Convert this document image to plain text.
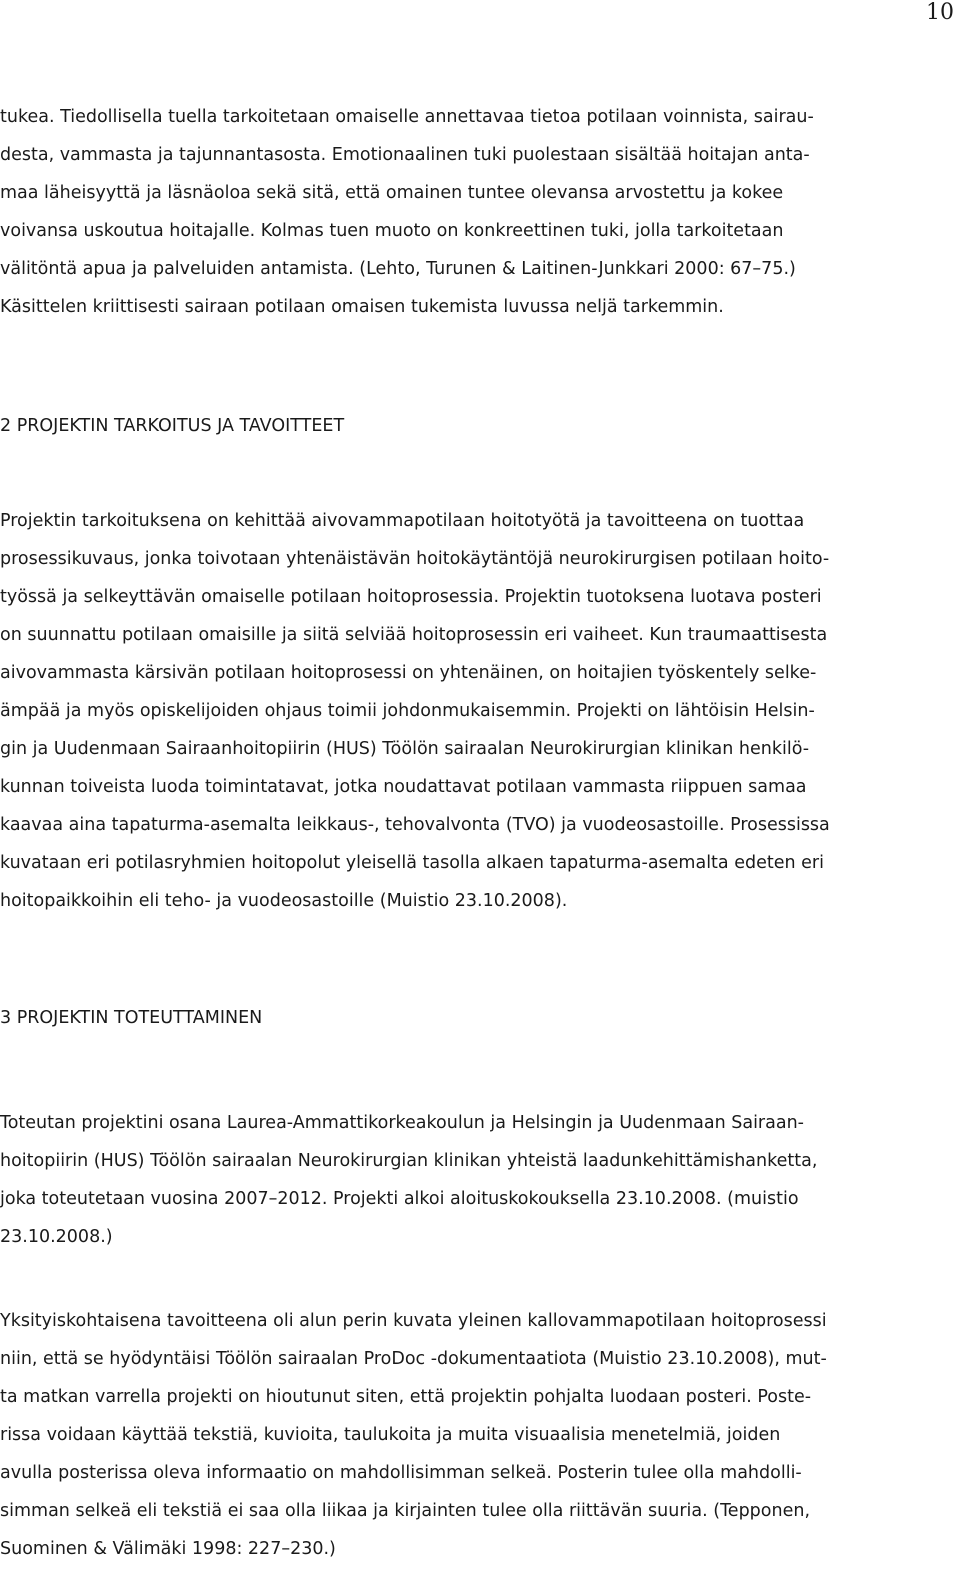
10
tukea. Tiedollisella tuella tarkoitetaan omaiselle annettavaa tietoa potilaan voinnista, sairau-
desta, vammasta ja tajunnantasosta. Emotionaalinen tuki puolestaan sisältää hoitajan anta-
maa läheisyyttä ja läsnäoloa sekä sitä, että omainen tuntee olevansa arvostettu ja kokee
voivansa uskoutua hoitajalle. Kolmas tuen muoto on konkreettinen tuki, jolla tarkoitetaan
välitöntä apua ja palveluiden antamista. (Lehto, Turunen & Laitinen-Junkkari 2000: 67–75.)
Käsittelen kriittisesti sairaan potilaan omaisen tukemista luvussa neljä tarkemmin.
2 PROJEKTIN TARKOITUS JA TAVOITTEET
Projektin tarkoituksena on kehittää aivovammapotilaan hoitotyötä ja tavoitteena on tuottaa
prosessikuvaus, jonka toivotaan yhtenäistävän hoitokäytäntöjä neurokirurgisen potilaan hoito-
työssä ja selkeyttävän omaiselle potilaan hoitoprosessia. Projektin tuotoksena luotava posteri
on suunnattu potilaan omaisille ja siitä selviää hoitoprosessin eri vaiheet. Kun traumaattisesta
aivovammasta kärsivän potilaan hoitoprosessi on yhtenäinen, on hoitajien työskentely selke-
ämpää ja myös opiskelijoiden ohjaus toimii johdonmukaisemmin. Projekti on lähtöisin Helsin-
gin ja Uudenmaan Sairaanhoitopiirin (HUS) Töölön sairaalan Neurokirurgian klinikan henkilö-
kunnan toiveista luoda toimintatavat, jotka noudattavat potilaan vammasta riippuen samaa
kaavaa aina tapaturma-asemalta leikkaus-, tehovalvonta (TVO) ja vuodeosastoille. Prosessissa
kuvataan eri potilasryhmien hoitopolut yleisellä tasolla alkaen tapaturma-asemalta edeten eri
hoitopaikkoihin eli teho- ja vuodeosastoille (Muistio 23.10.2008).
3 PROJEKTIN TOTEUTTAMINEN
Toteutan projektini osana Laurea-Ammattikorkeakoulun ja Helsingin ja Uudenmaan Sairaan-
hoitopiirin (HUS) Töölön sairaalan Neurokirurgian klinikan yhteistä laadunkehittämishanketta,
joka toteutetaan vuosina 2007–2012. Projekti alkoi aloituskokouksella 23.10.2008. (muistio
23.10.2008.)
Yksityiskohtaisena tavoitteena oli alun perin kuvata yleinen kallovammapotilaan hoitoprosessi
niin, että se hyödyntäisi Töölön sairaalan ProDoc -dokumentaatiota (Muistio 23.10.2008), mut-
ta matkan varrella projekti on hioutunut siten, että projektin pohjalta luodaan posteri. Poste-
rissa voidaan käyttää tekstiä, kuvioita, taulukoita ja muita visuaalisia menetelmiä, joiden
avulla posterissa oleva informaatio on mahdollisimman selkeä. Posterin tulee olla mahdolli-
simman selkeä eli tekstiä ei saa olla liikaa ja kirjainten tulee olla riittävän suuria. (Tepponen,
Suominen & Välimäki 1998: 227–230.)
